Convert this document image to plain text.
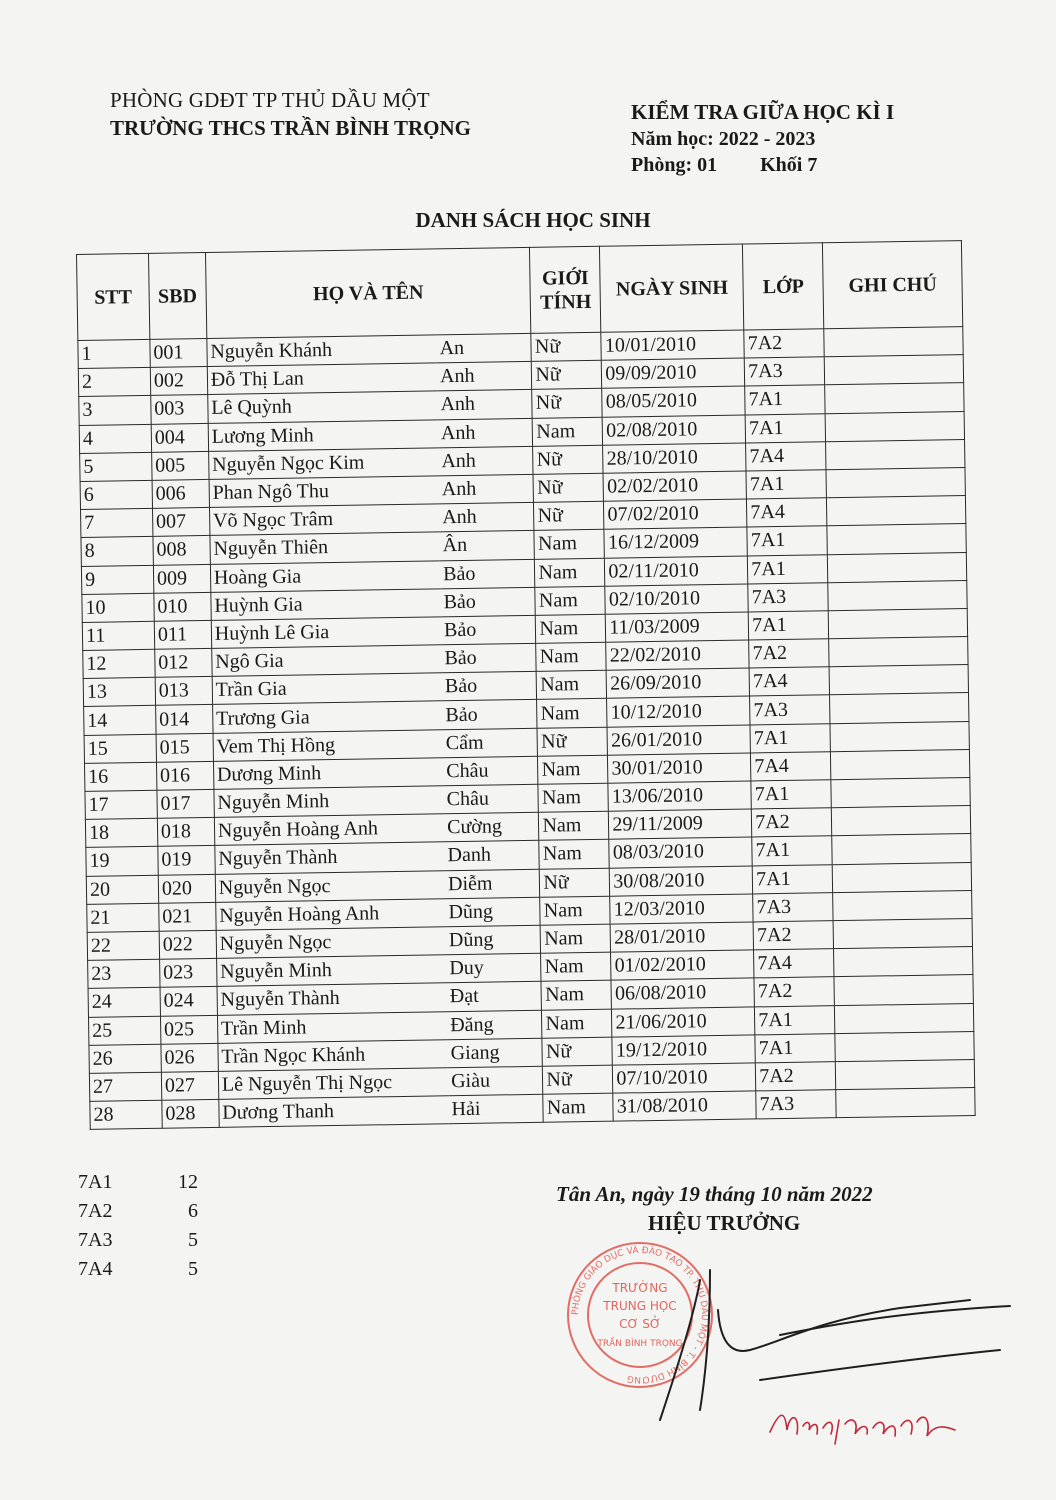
PHÒNG GDĐT TP THỦ DẦU MỘT
TRƯỜNG THCS TRẦN BÌNH TRỌNG
KIỂM TRA GIỮA HỌC KÌ I
Năm học: 2022 - 2023
Phòng: 01 Khối 7
DANH SÁCH HỌC SINH
STT	SBD	HỌ VÀ TÊN		GIỚI
TÍNH	NGÀY SINH	LỚP	GHI CHÚ
1	001	Nguyễn Khánh	An	Nữ	10/01/2010	7A2	
2	002	Đỗ Thị Lan	Anh	Nữ	09/09/2010	7A3	
3	003	Lê Quỳnh	Anh	Nữ	08/05/2010	7A1	
4	004	Lương Minh	Anh	Nam	02/08/2010	7A1	
5	005	Nguyễn Ngọc Kim	Anh	Nữ	28/10/2010	7A4	
6	006	Phan Ngô Thu	Anh	Nữ	02/02/2010	7A1	
7	007	Võ Ngọc Trâm	Anh	Nữ	07/02/2010	7A4	
8	008	Nguyễn Thiên	Ân	Nam	16/12/2009	7A1	
9	009	Hoàng Gia	Bảo	Nam	02/11/2010	7A1	
10	010	Huỳnh Gia	Bảo	Nam	02/10/2010	7A3	
11	011	Huỳnh Lê Gia	Bảo	Nam	11/03/2009	7A1	
12	012	Ngô Gia	Bảo	Nam	22/02/2010	7A2	
13	013	Trần Gia	Bảo	Nam	26/09/2010	7A4	
14	014	Trương Gia	Bảo	Nam	10/12/2010	7A3	
15	015	Vem Thị Hồng	Cẩm	Nữ	26/01/2010	7A1	
16	016	Dương Minh	Châu	Nam	30/01/2010	7A4	
17	017	Nguyễn Minh	Châu	Nam	13/06/2010	7A1	
18	018	Nguyễn Hoàng Anh	Cường	Nam	29/11/2009	7A2	
19	019	Nguyễn Thành	Danh	Nam	08/03/2010	7A1	
20	020	Nguyễn Ngọc	Diễm	Nữ	30/08/2010	7A1	
21	021	Nguyễn Hoàng Anh	Dũng	Nam	12/03/2010	7A3	
22	022	Nguyễn Ngọc	Dũng	Nam	28/01/2010	7A2	
23	023	Nguyễn Minh	Duy	Nam	01/02/2010	7A4	
24	024	Nguyễn Thành	Đạt	Nam	06/08/2010	7A2	
25	025	Trần Minh	Đăng	Nam	21/06/2010	7A1	
26	026	Trần Ngọc Khánh	Giang	Nữ	19/12/2010	7A1	
27	027	Lê Nguyễn Thị Ngọc	Giàu	Nữ	07/10/2010	7A2	
28	028	Dương Thanh	Hải	Nam	31/08/2010	7A3	
7A1	12
7A2	6
7A3	5
7A4	5
Tân An, ngày 19 tháng 10 năm 2022
HIỆU TRƯỞNG
PHÒNG GIÁO DỤC VÀ ĐÀO TẠO TP. THỦ DẦU MỘT - T. BÌNH DƯƠNG
TRƯỜNG
TRUNG HỌC
CƠ SỞ
TRẦN BÌNH TRỌNG
